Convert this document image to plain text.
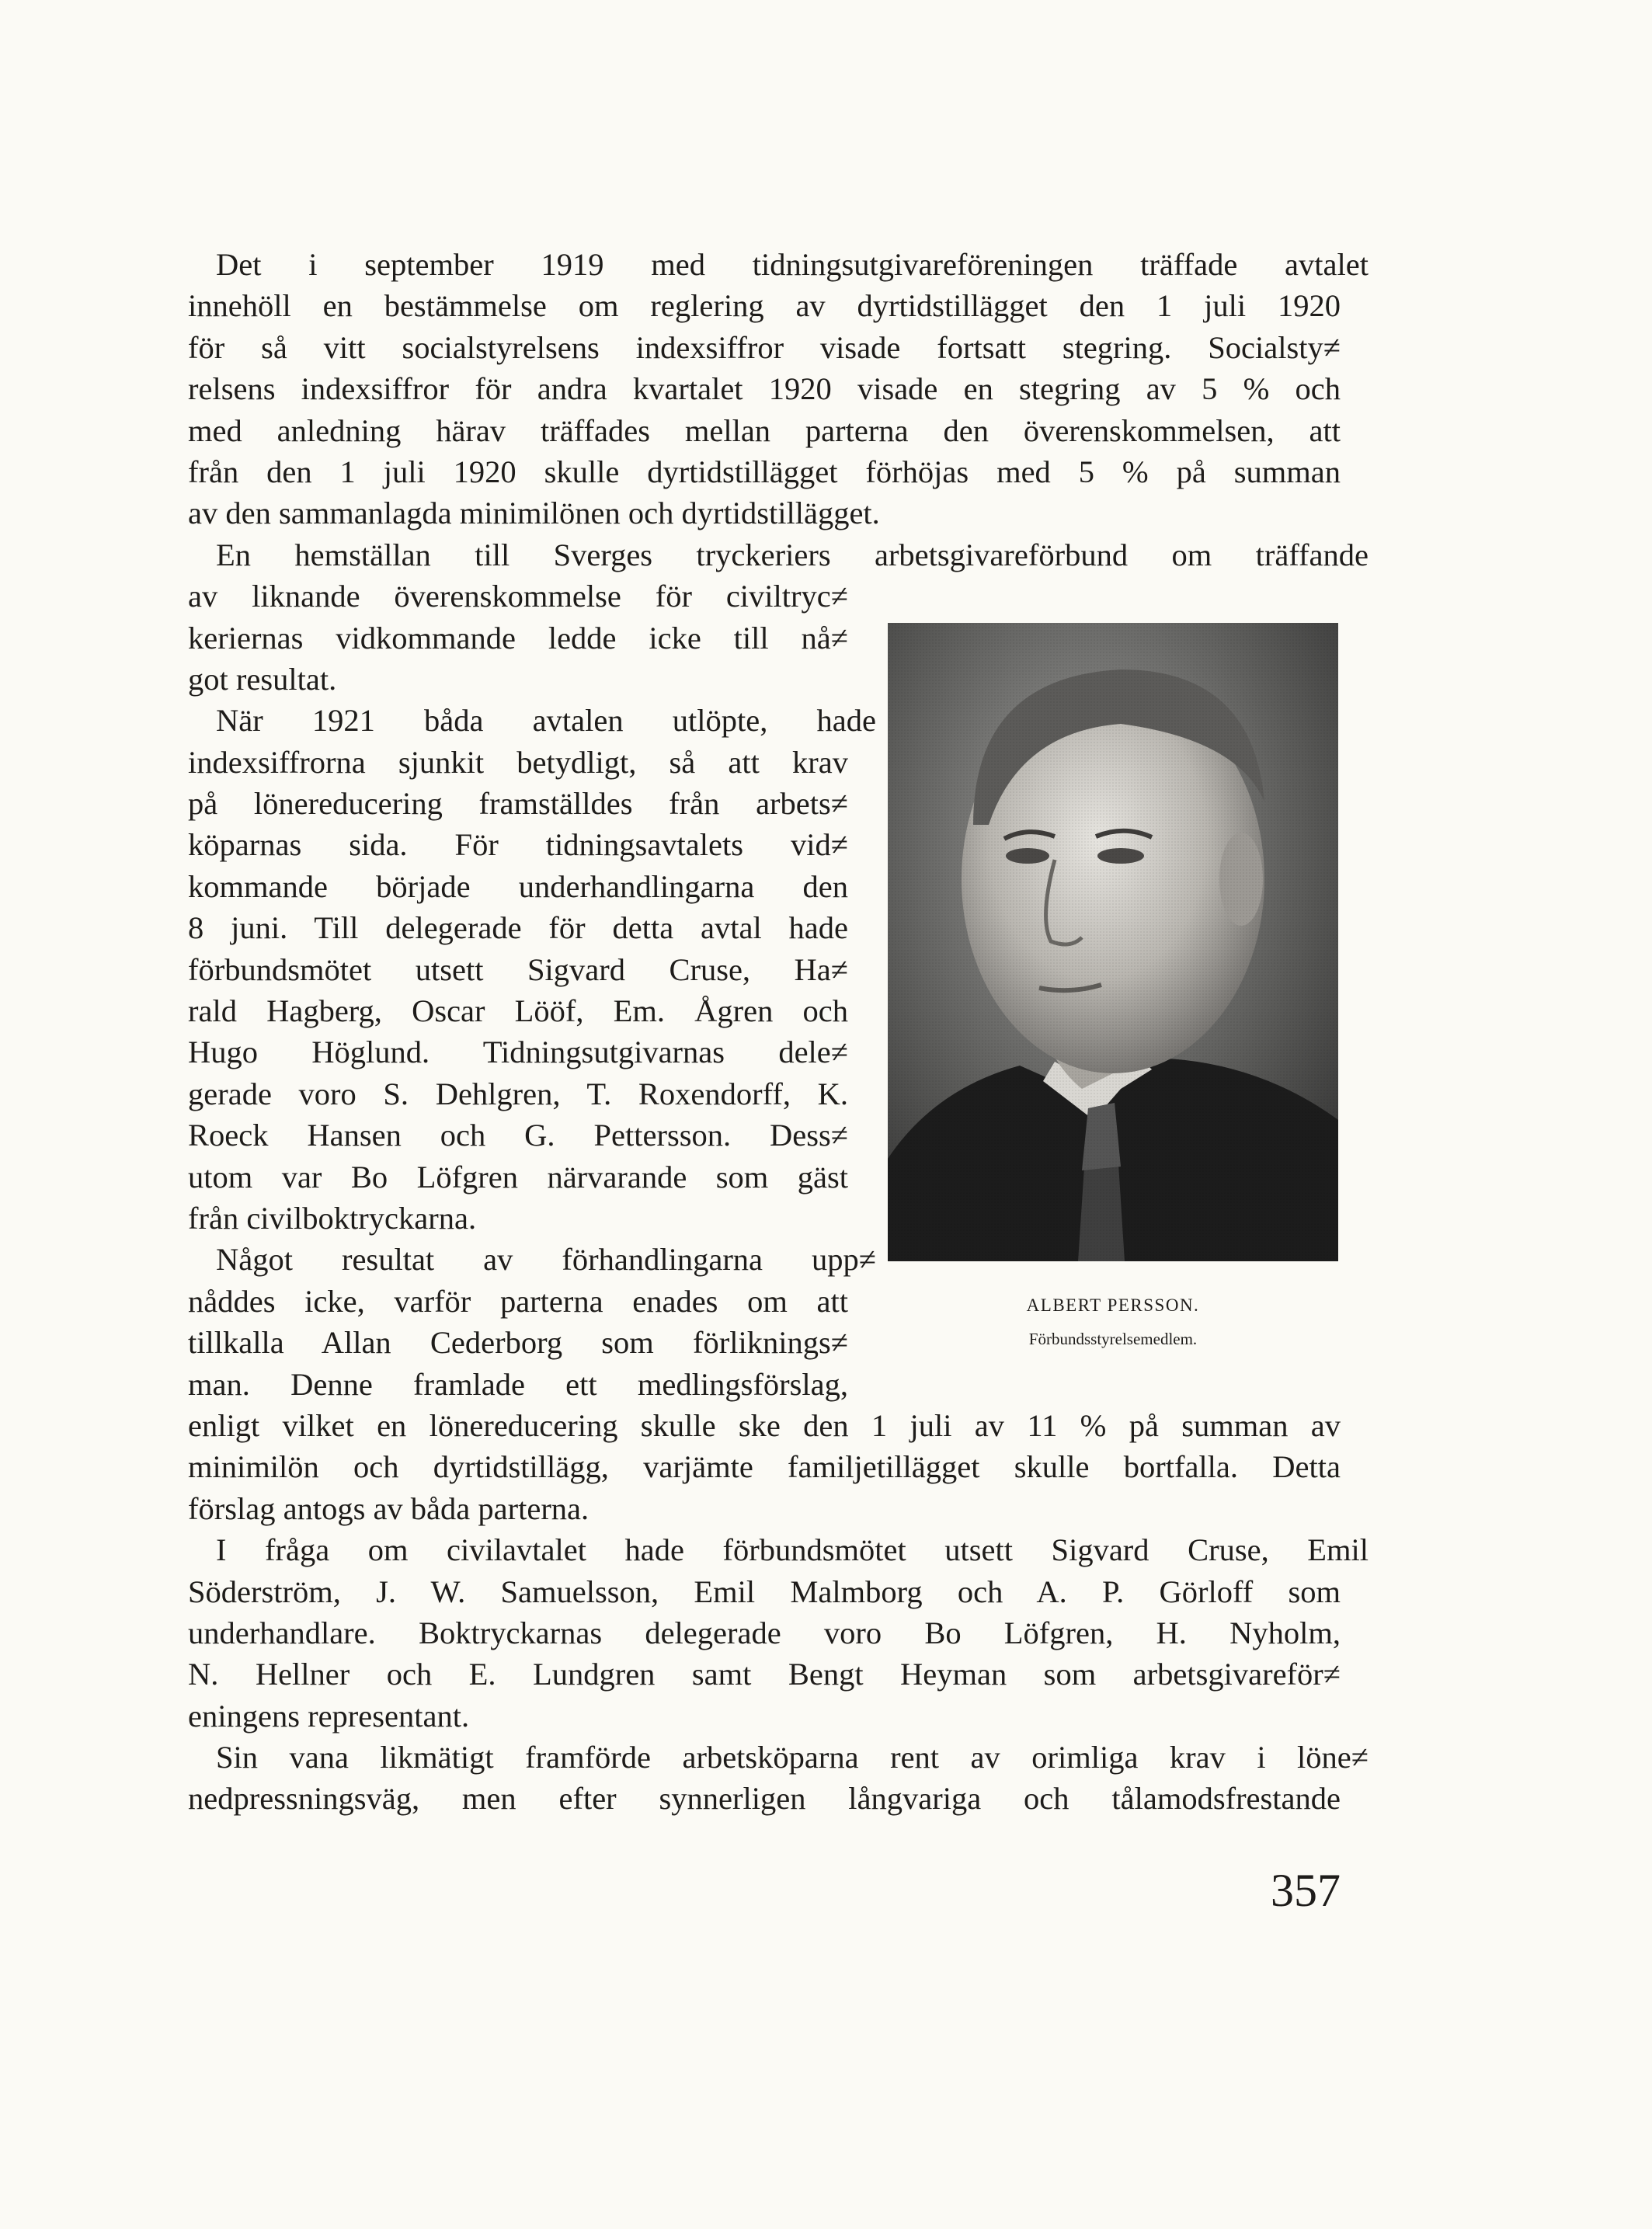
Det i september 1919 med tidningsutgivareföreningen träffade avtalet
innehöll en bestämmelse om reglering av dyrtidstillägget den 1 juli 1920
för så vitt socialstyrelsens indexsiffror visade fortsatt stegring. Socialsty≠
relsens indexsiffror för andra kvartalet 1920 visade en stegring av 5 % och
med anledning härav träffades mellan parterna den överenskommelsen, att
från den 1 juli 1920 skulle dyrtidstillägget förhöjas med 5 % på summan
av den sammanlagda minimilönen och dyrtidstillägget.
En hemställan till Sverges tryckeriers arbetsgivareförbund om träffande
av liknande överenskommelse för civiltryc≠
keriernas vidkommande ledde icke till nå≠
got resultat.
När 1921 båda avtalen utlöpte, hade
indexsiffrorna sjunkit betydligt, så att krav
på lönereducering framställdes från arbets≠
köparnas sida. För tidningsavtalets vid≠
kommande började underhandlingarna den
8 juni. Till delegerade för detta avtal hade
förbundsmötet utsett Sigvard Cruse, Ha≠
rald Hagberg, Oscar Lööf, Em. Ågren och
Hugo Höglund. Tidningsutgivarnas dele≠
gerade voro S. Dehlgren, T. Roxendorff, K.
Roeck Hansen och G. Pettersson. Dess≠
utom var Bo Löfgren närvarande som gäst
från civilboktryckarna.
Något resultat av förhandlingarna upp≠
nåddes icke, varför parterna enades om att
tillkalla Allan Cederborg som förliknings≠
man. Denne framlade ett medlingsförslag,
enligt vilket en lönereducering skulle ske den 1 juli av 11 % på summan av
minimilön och dyrtidstillägg, varjämte familjetillägget skulle bortfalla. Detta
förslag antogs av båda parterna.
I fråga om civilavtalet hade förbundsmötet utsett Sigvard Cruse, Emil
Söderström, J. W. Samuelsson, Emil Malmborg och A. P. Görloff som
underhandlare. Boktryckarnas delegerade voro Bo Löfgren, H. Nyholm,
N. Hellner och E. Lundgren samt Bengt Heyman som arbetsgivareför≠
eningens representant.
Sin vana likmätigt framförde arbetsköparna rent av orimliga krav i löne≠
nedpressningsväg, men efter synnerligen långvariga och tålamodsfrestande
ALBERT PERSSON.
Förbundsstyrelsemedlem.
357
